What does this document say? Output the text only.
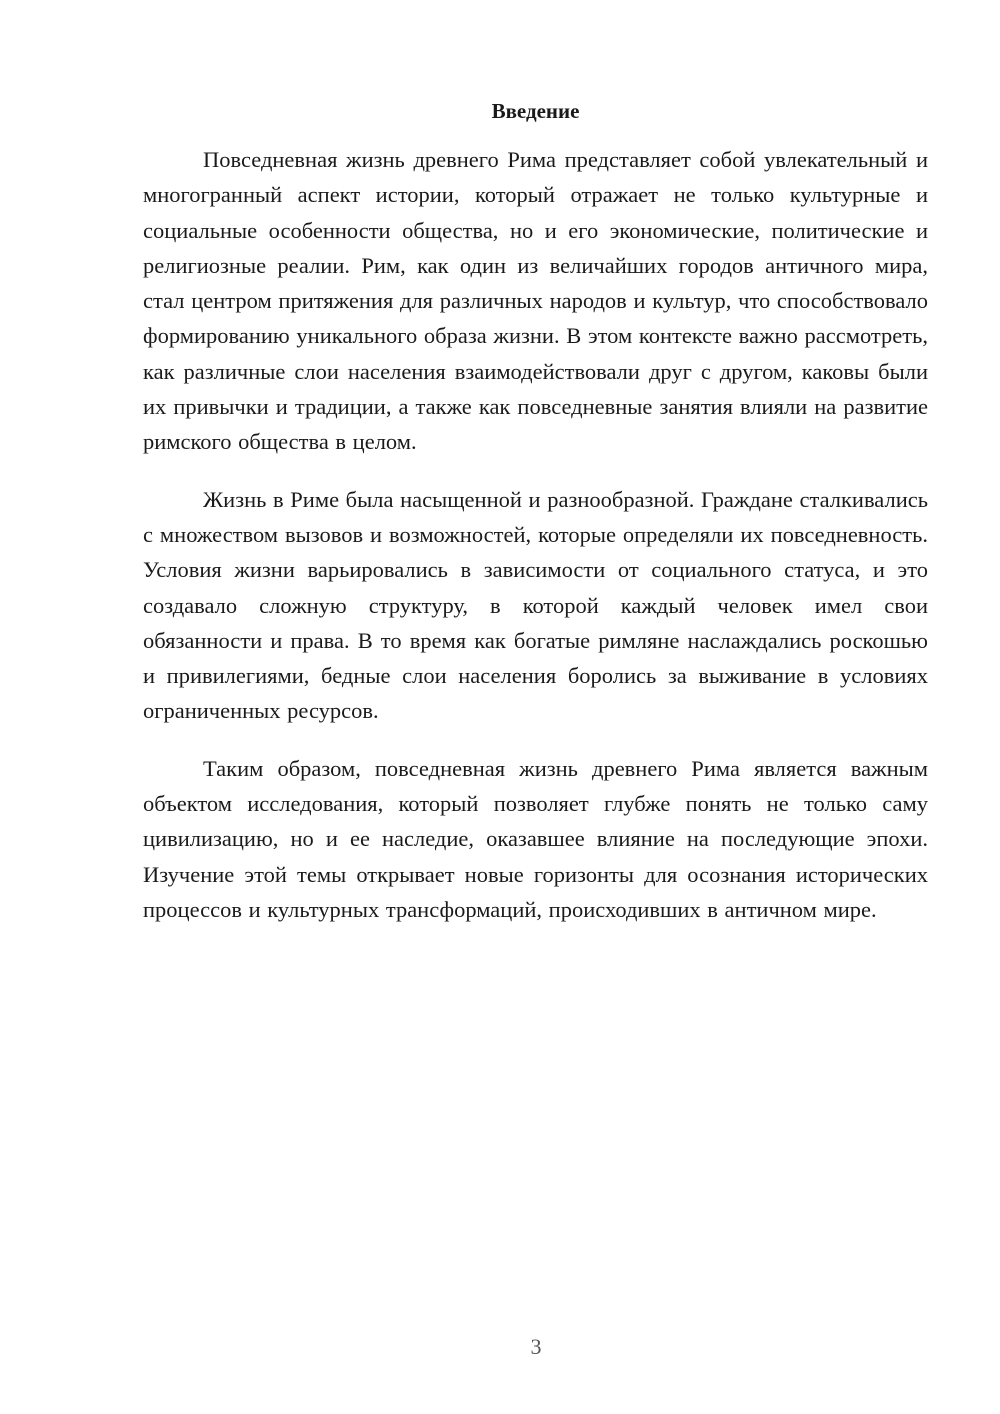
Введение

Повседневная жизнь древнего Рима представляет собой увлекательный и многогранный аспект истории, который отражает не только культурные и социальные особенности общества, но и его экономические, политические и религиозные реалии. Рим, как один из величайших городов античного мира, стал центром притяжения для различных народов и культур, что способствовало формированию уникального образа жизни. В этом контексте важно рассмотреть, как различные слои населения взаимодействовали друг с другом, каковы были их привычки и традиции, а также как повседневные занятия влияли на развитие римского общества в целом.

Жизнь в Риме была насыщенной и разнообразной. Граждане сталкивались с множеством вызовов и возможностей, которые определяли их повседневность. Условия жизни варьировались в зависимости от социального статуса, и это создавало сложную структуру, в которой каждый человек имел свои обязанности и права. В то время как богатые римляне наслаждались роскошью и привилегиями, бедные слои населения боролись за выживание в условиях ограниченных ресурсов.

Таким образом, повседневная жизнь древнего Рима является важным объектом исследования, который позволяет глубже понять не только саму цивилизацию, но и ее наследие, оказавшее влияние на последующие эпохи. Изучение этой темы открывает новые горизонты для осознания исторических процессов и культурных трансформаций, происходивших в античном мире.

3
